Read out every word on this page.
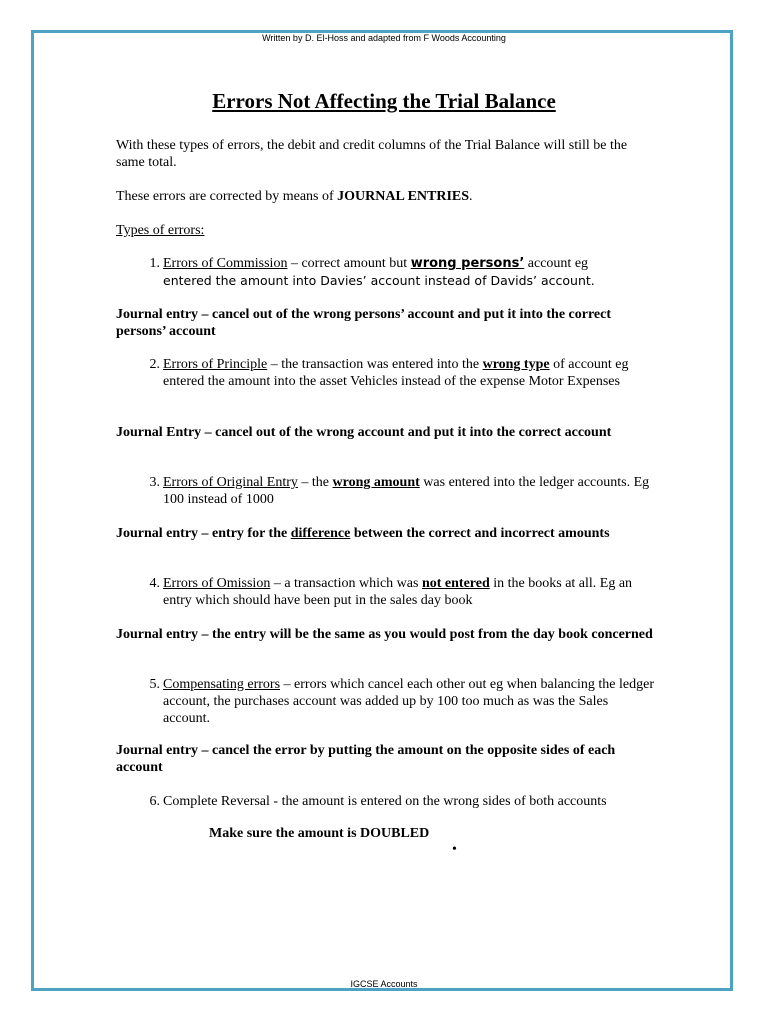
Written by D. El-Hoss and adapted from F Woods Accounting
Errors Not Affecting the Trial Balance
With these types of errors, the debit and credit columns of the Trial Balance will still be the same total.
These errors are corrected by means of JOURNAL ENTRIES.
Types of errors:
1. Errors of Commission – correct amount but wrong persons’ account eg
entered the amount into Davies’ account instead of Davids’ account.
Journal entry – cancel out of the wrong persons’ account and put it into the correct persons’ account
2. Errors of Principle – the transaction was entered into the wrong type of account eg entered the amount into the asset Vehicles instead of the expense Motor Expenses
Journal Entry – cancel out of the wrong account and put it into the correct account
3. Errors of Original Entry – the wrong amount was entered into the ledger accounts. Eg 100 instead of 1000
Journal entry – entry for the difference between the correct and incorrect amounts
4. Errors of Omission – a transaction which was not entered in the books at all. Eg an entry which should have been put in the sales day book
Journal entry – the entry will be the same as you would post from the day book concerned
5. Compensating errors – errors which cancel each other out eg when balancing the ledger account, the purchases account was added up by 100 too much as was the Sales account.
Journal entry – cancel the error by putting the amount on the opposite sides of each account
6. Complete Reversal - the amount is entered on the wrong sides of both accounts
Make sure the amount is DOUBLED
•
IGCSE Accounts
